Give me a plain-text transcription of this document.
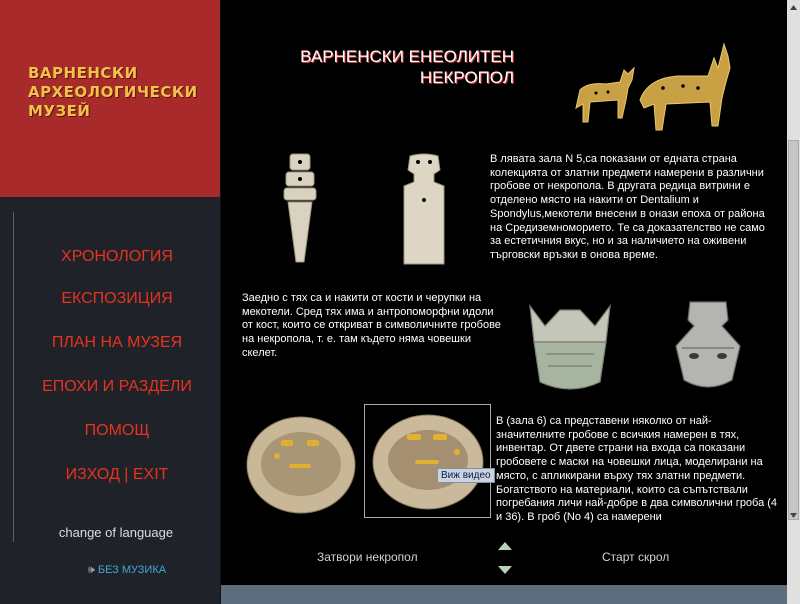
ВАРНЕНСКИ
АРХЕОЛОГИЧЕСКИ
МУЗЕЙ
ХРОНОЛОГИЯ
ЕКСПОЗИЦИЯ
ПЛАН НА МУЗЕЯ
ЕПОХИ И РАЗДЕЛИ
ПОМОЩ
ИЗХОД | EXIT
change of language
🕪︎ БЕЗ МУЗИКА
ВАРНЕНСКИ ЕНЕОЛИТЕН
НЕКРОПОЛ
В лявата зала N 5,са показани от едната страна колекцията от златни предмети намерени в различни гробове от некропола. В другата редица витрини е отделено място на накити от Dentalium и Spondylus,мекотели внесени в онази епоха от района на Средиземноморието. Те са доказателство не само за естетичния вкус, но и за наличието на оживени търговски връзки в онова време.
Заедно с тях са и накити от кости и черупки на мекотели. Сред тях има и антропоморфни идоли от кост, които се откриват в символичните гробове на некропола, т. е. там където няма човешки скелет.
Виж видео
В (зала 6) са представени няколко от най-значителните гробове с всичкия намерен в тях, инвентар. От двете страни на входа са показани гробовете с маски на човешки лица, моделирани на място, с апликирани върху тях златни предмети. Богатството на материали, които са съпътствали погребания личи най-добре в два символични гроба (4 и 36). В гроб (No 4) са намерени
Затвори некропол	Старт скрол
